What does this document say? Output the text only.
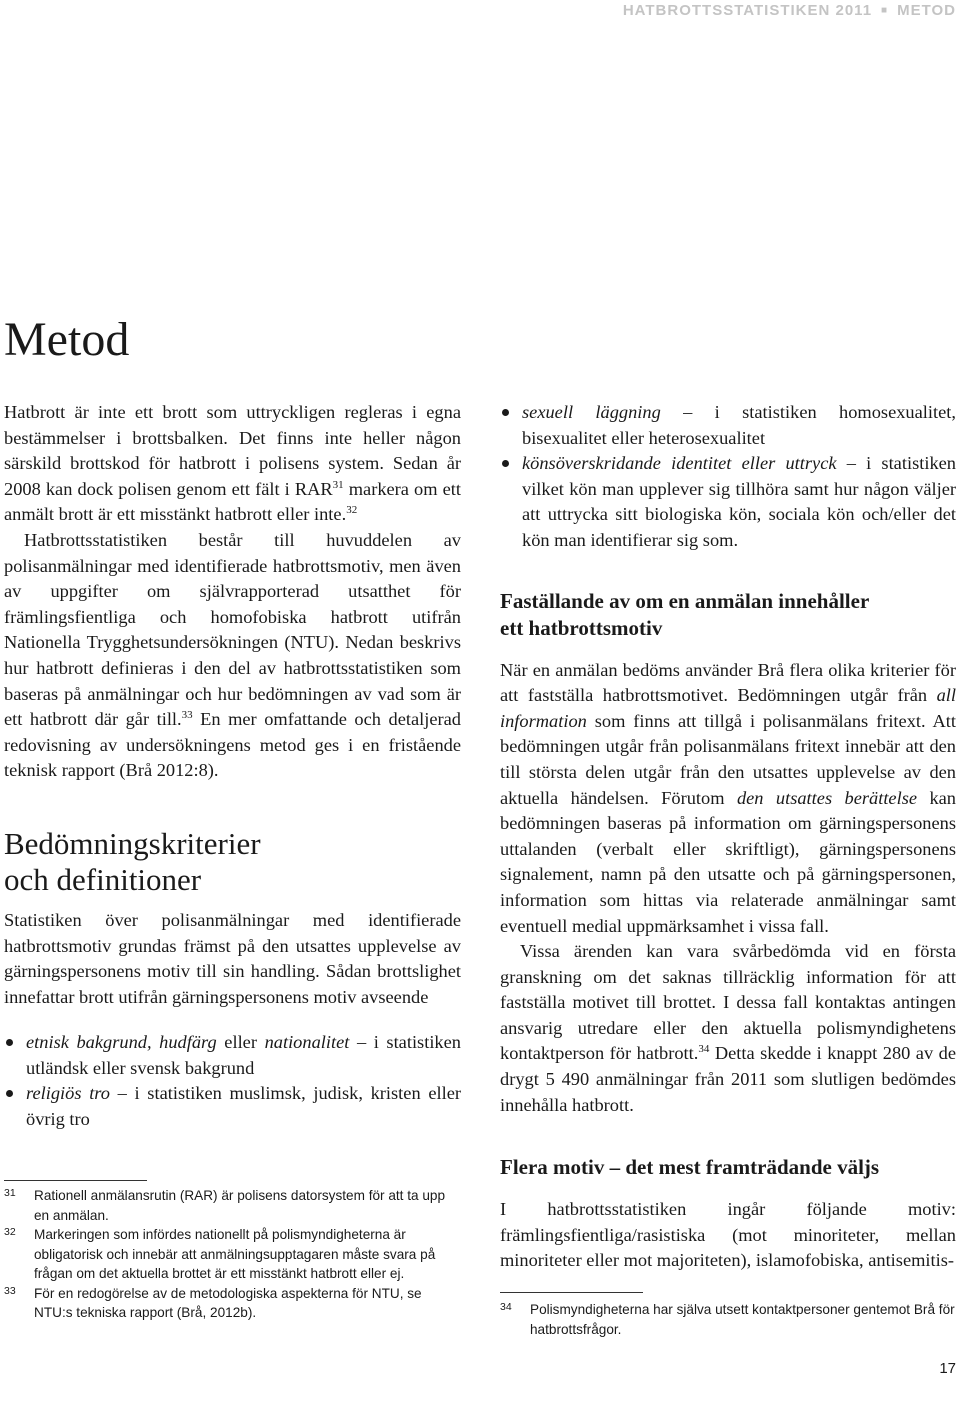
HATBROTTSSTATISTIKEN 2011 ■ METOD
Metod

Hatbrott är inte ett brott som uttryckligen regleras i egna bestämmelser i brottsbalken. Det finns inte heller någon särskild brottskod för hatbrott i polisens system. Sedan år 2008 kan dock polisen genom ett fält i RAR$^{31}$ markera om ett anmält brott är ett misstänkt hatbrott eller inte.$^{32}$

Hatbrottsstatistiken består till huvuddelen av polisanmälningar med identifierade hatbrottsmotiv, men även av uppgifter om självrapporterad utsatthet för främlingsfientliga och homofobiska hatbrott utifrån Nationella Trygghetsundersökningen (NTU). Nedan beskrivs hur hatbrott definieras i den del av hatbrottsstatistiken som baseras på anmälningar och hur bedömningen av vad som är ett hatbrott där går till.$^{33}$ En mer omfattande och detaljerad redovisning av undersökningens metod ges i en fristående teknisk rapport (Brå 2012:8).

Bedömningskriterier
och definitioner

Statistiken över polisanmälningar med identifierade hatbrottsmotiv grundas främst på den utsattes upplevelse av gärningspersonens motiv till sin handling. Sådan brottslighet innefattar brott utifrån gärningspersonens motiv avseende

etnisk bakgrund, hudfärg eller nationalitet – i statistiken utländsk eller svensk bakgrund
religiös tro – i statistiken muslimsk, judisk, kristen eller övrig tro
sexuell läggning – i statistiken homosexualitet, bisexualitet eller heterosexualitet
könsöverskridande identitet eller uttryck – i statistiken vilket kön man upplever sig tillhöra samt hur någon väljer att uttrycka sitt biologiska kön, sociala kön och/eller det kön man identifierar sig som.
Faställande av om en anmälan innehåller
ett hatbrottsmotiv

När en anmälan bedöms använder Brå flera olika kriterier för att fastställa hatbrottsmotivet. Bedömningen utgår från all information som finns att tillgå i polisanmälans fritext. Att bedömningen utgår från polisanmälans fritext innebär att den till största delen utgår från den utsattes upplevelse av den aktuella händelsen. Förutom den utsattes berättelse kan bedömningen baseras på information om gärningspersonens uttalanden (verbalt eller skriftligt), gärningspersonens signalement, namn på den utsatte och på gärningspersonen, information som hittas via relaterade anmälningar samt eventuell medial uppmärksamhet i vissa fall.

Vissa ärenden kan vara svårbedömda vid en första granskning om det saknas tillräcklig information för att fastställa motivet till brottet. I dessa fall kontaktas antingen ansvarig utredare eller den aktuella polismyndighetens kontaktperson för hatbrott.$^{34}$ Detta skedde i knappt 280 av de drygt 5 490 anmälningar från 2011 som slutligen bedömdes innehålla hatbrott.

Flera motiv – det mest framträdande väljs

I hatbrottsstatistiken ingår följande motiv: främlingsfientliga/rasistiska (mot minoriteter, mellan minoriteter eller mot majoriteten), islamofobiska, antisemitis-

31 Rationell anmälansrutin (RAR) är polisens datorsystem för att ta upp en anmälan.
32 Markeringen som infördes nationellt på polismyndigheterna är obligatorisk och innebär att anmälningsupptagaren måste svara på frågan om det aktuella brottet är ett misstänkt hatbrott eller ej.
33 För en redogörelse av de metodologiska aspekterna för NTU, se NTU:s tekniska rapport (Brå, 2012b).	34 Polismyndigheterna har själva utsett kontaktpersoner gentemot Brå för hatbrottsfrågor.
17
